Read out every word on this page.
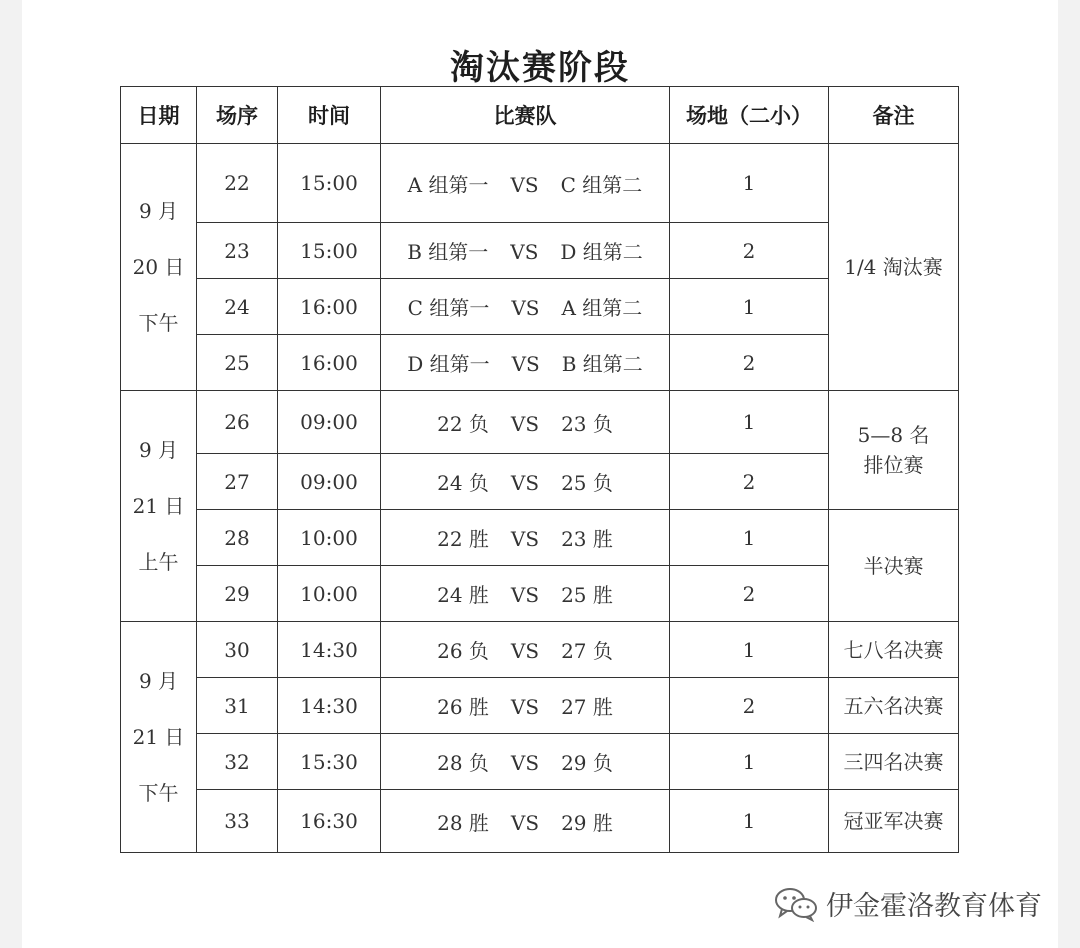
淘汰赛阶段
日期	场序	时间	比赛队	场地（二小）	备注

9 月
20 日
下午	22	15:00	A 组第一 VS C 组第二	1	1/4 淘汰赛
	23	15:00	B 组第一 VS D 组第二	2	
	24	16:00	C 组第一 VS A 组第二	1	
	25	16:00	D 组第一 VS B 组第二	2	

9 月
21 日
上午	26	09:00	22 负 VS 23 负	1	5—8 名
排位赛
	27	09:00	24 负 VS 25 负	2	
	28	10:00	22 胜 VS 23 胜	1	半决赛
	29	10:00	24 胜 VS 25 胜	2	

9 月
21 日
下午	30	14:30	26 负 VS 27 负	1	七八名决赛
	31	14:30	26 胜 VS 27 胜	2	五六名决赛
	32	15:30	28 负 VS 29 负	1	三四名决赛
	33	16:30	28 胜 VS 29 胜	1	冠亚军决赛
伊金霍洛教育体育
